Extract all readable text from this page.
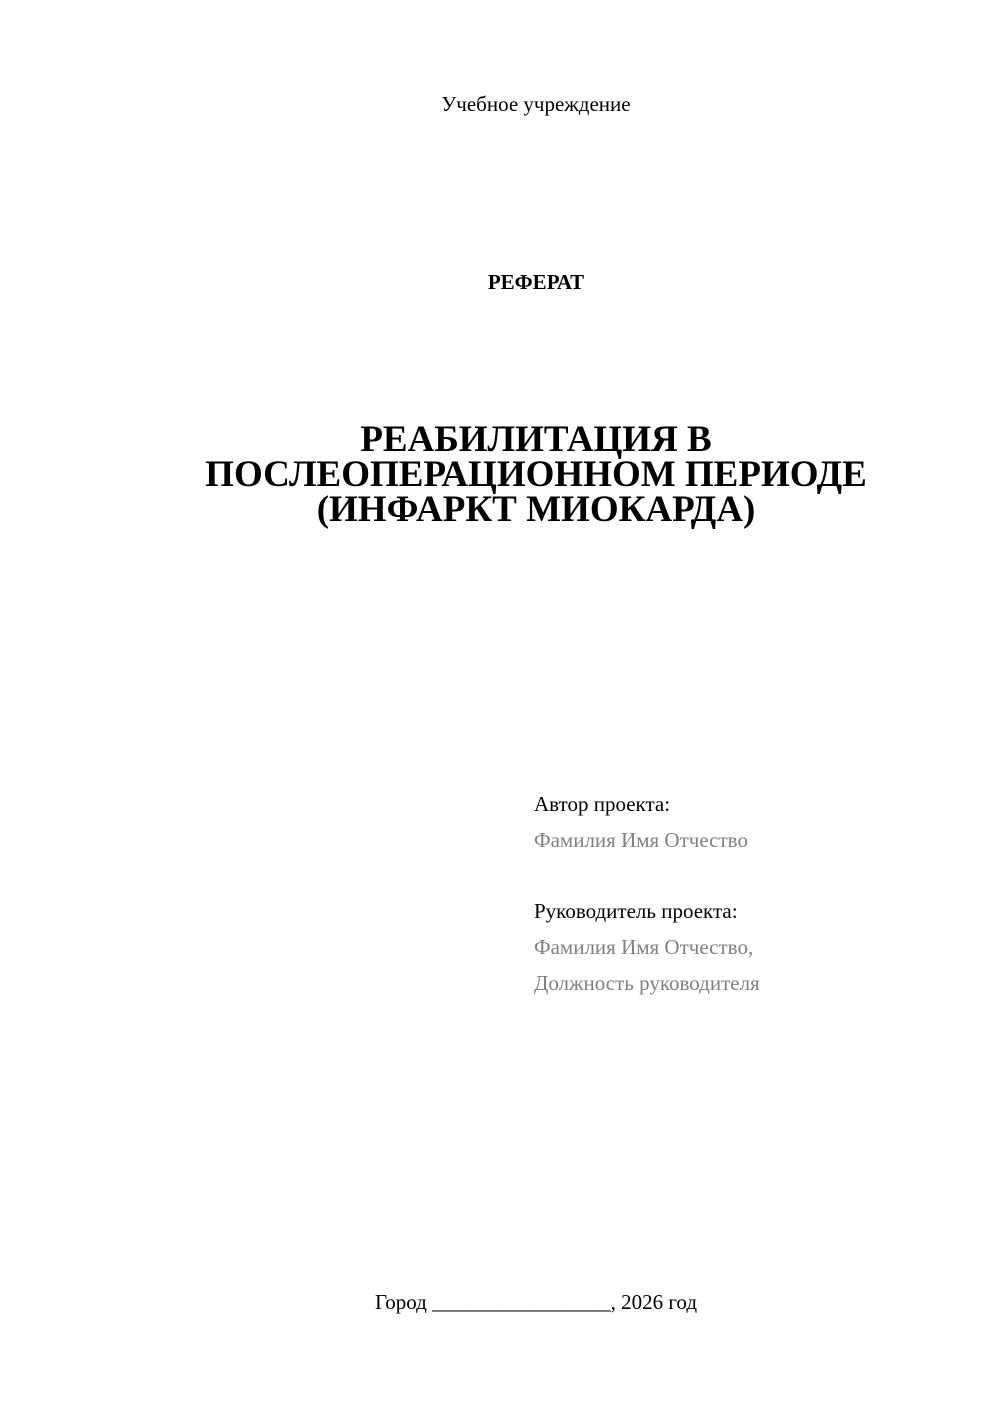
Учебное учреждение
РЕФЕРАТ
РЕАБИЛИТАЦИЯ В
ПОСЛЕОПЕРАЦИОННОМ ПЕРИОДЕ
(ИНФАРКТ МИОКАРДА)
Автор проекта:
Фамилия Имя Отчество
Руководитель проекта:
Фамилия Имя Отчество,
Должность руководителя
Город _________________, 2026 год
